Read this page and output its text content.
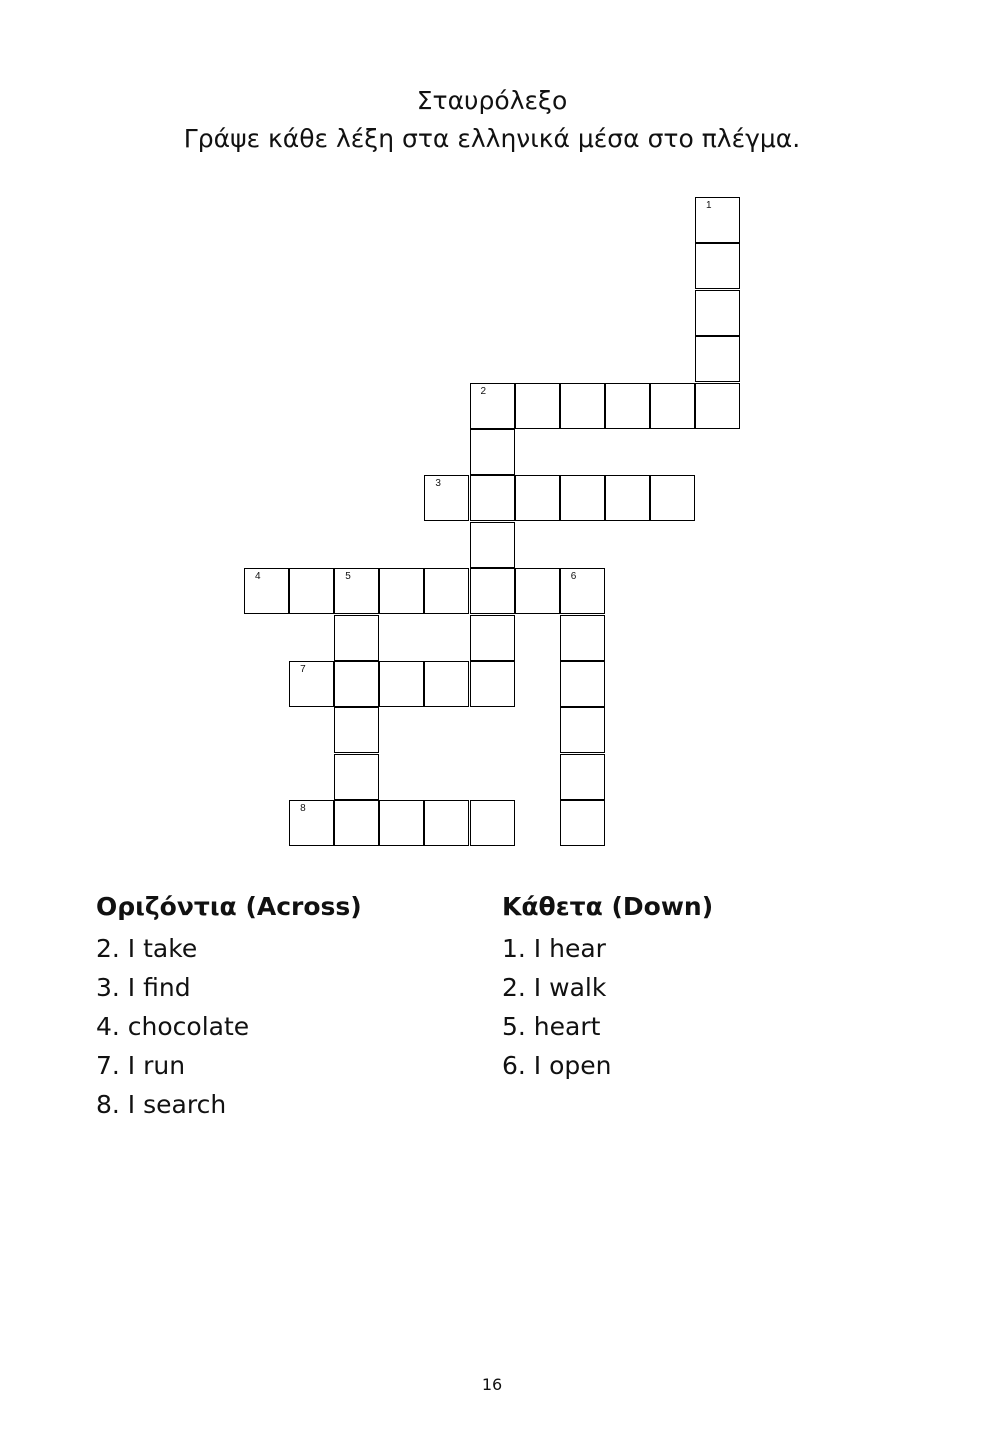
Σταυρόλεξο

Γράψε κάθε λέξη στα ελληνικά μέσα στο πλέγμα.

1
2
3
4	5	6
7
8
Οριζόντια (Across)
2. I take
3. I find
4. chocolate
7. I run
8. I search
Κάθετα (Down)
1. I hear
2. I walk
5. heart
6. I open
16
